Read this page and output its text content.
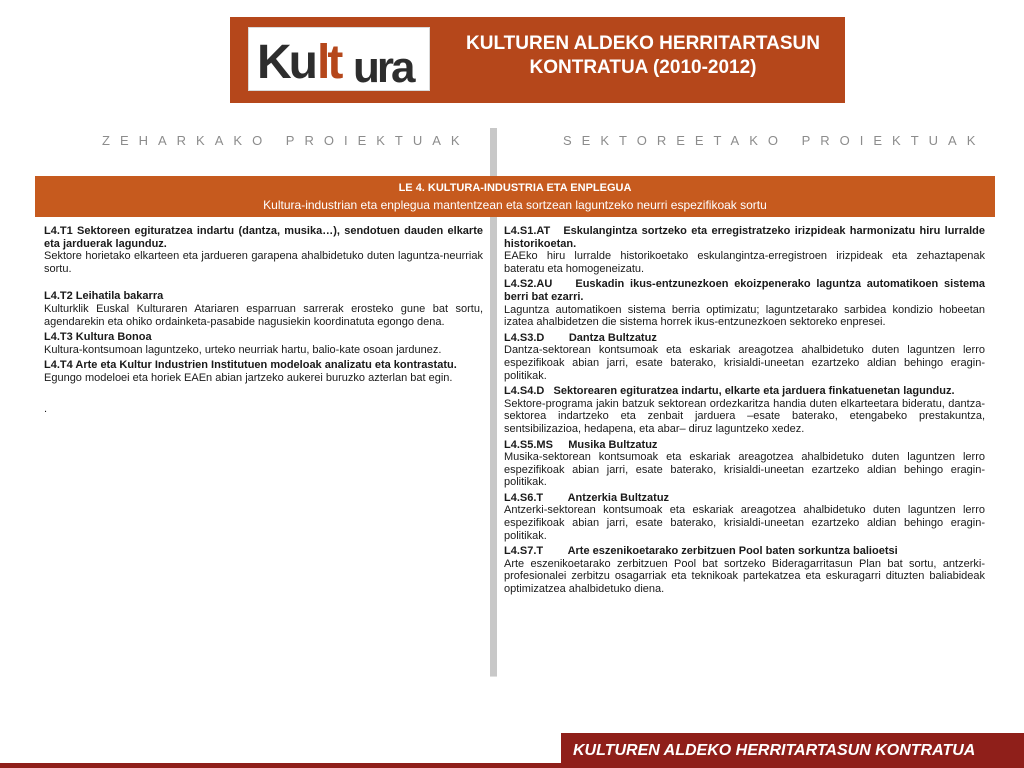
Ku lt ura	KULTUREN ALDEKO HERRITARTASUN
KONTRATUA (2010-2012)
ZEHARKAKO PROIEKTUAK	SEKTOREETAKO PROIEKTUAK
LE 4. KULTURA-INDUSTRIA ETA ENPLEGUA
Kultura-industrian eta enplegua mantentzean eta sortzean laguntzeko neurri espezifikoak sortu
L4.T1 Sektoreen egituratzea indartu (dantza, musika…), sendotuen dauden elkarte eta jarduerak lagunduz.
Sektore horietako elkarteen eta jardueren garapena ahalbidetuko duten laguntza-neurriak sortu.
L4.T2 Leihatila bakarra
Kulturklik Euskal Kulturaren Atariaren esparruan sarrerak erosteko gune bat sortu, agendarekin eta ohiko ordainketa-pasabide nagusiekin koordinatuta egongo dena.
L4.T3 Kultura Bonoa
Kultura-kontsumoan laguntzeko, urteko neurriak hartu, balio-kate osoan jardunez.
L4.T4 Arte eta Kultur Industrien Institutuen modeloak analizatu eta kontrastatu.
Egungo modeloei eta horiek EAEn abian jartzeko aukerei buruzko azterlan bat egin.
.
L4.S1.AT Eskulangintza sortzeko eta erregistratzeko irizpideak harmonizatu hiru lurralde historikoetan.
EAEko hiru lurralde historikoetako eskulangintza-erregistroen irizpideak eta zehaztapenak bateratu eta homogeneizatu.
L4.S2.AU Euskadin ikus-entzunezkoen ekoizpenerako laguntza automatikoen sistema berri bat ezarri.
Laguntza automatikoen sistema berria optimizatu; laguntzetarako sarbidea kondizio hobeetan izatea ahalbidetzen die sistema horrek ikus-entzunezkoen sektoreko enpresei.
L4.S3.D Dantza Bultzatuz
Dantza-sektorean kontsumoak eta eskariak areagotzea ahalbidetuko duten laguntzen lerro espezifikoak abian jarri, esate baterako, krisialdi-uneetan ezartzeko aldian behingo eragin-politikak.
L4.S4.D Sektorearen egituratzea indartu, elkarte eta jarduera finkatuenetan lagunduz.
Sektore-programa jakin batzuk sektorean ordezkaritza handia duten elkarteetara bideratu, dantza-sektorea indartzeko eta zenbait jarduera –esate baterako, etengabeko prestakuntza, sentsibilizazioa, hedapena, eta abar– diruz laguntzeko xedez.
L4.S5.MS Musika Bultzatuz
Musika-sektorean kontsumoak eta eskariak areagotzea ahalbidetuko duten laguntzen lerro espezifikoak abian jarri, esate baterako, krisialdi-uneetan ezartzeko aldian behingo eragin-politikak.
L4.S6.T Antzerkia Bultzatuz
Antzerki-sektorean kontsumoak eta eskariak areagotzea ahalbidetuko duten laguntzen lerro espezifikoak abian jarri, esate baterako, krisialdi-uneetan ezartzeko aldian behingo eragin-politikak.
L4.S7.T Arte eszenikoetarako zerbitzuen Pool baten sorkuntza balioetsi
Arte eszenikoetarako zerbitzuen Pool bat sortzeko Bideragarritasun Plan bat sortu, antzerki-profesionalei zerbitzu osagarriak eta teknikoak partekatzea eta eskuragarri dituzten baliabideak optimizatzea ahalbidetuko diena.
KULTUREN ALDEKO HERRITARTASUN KONTRATUA
